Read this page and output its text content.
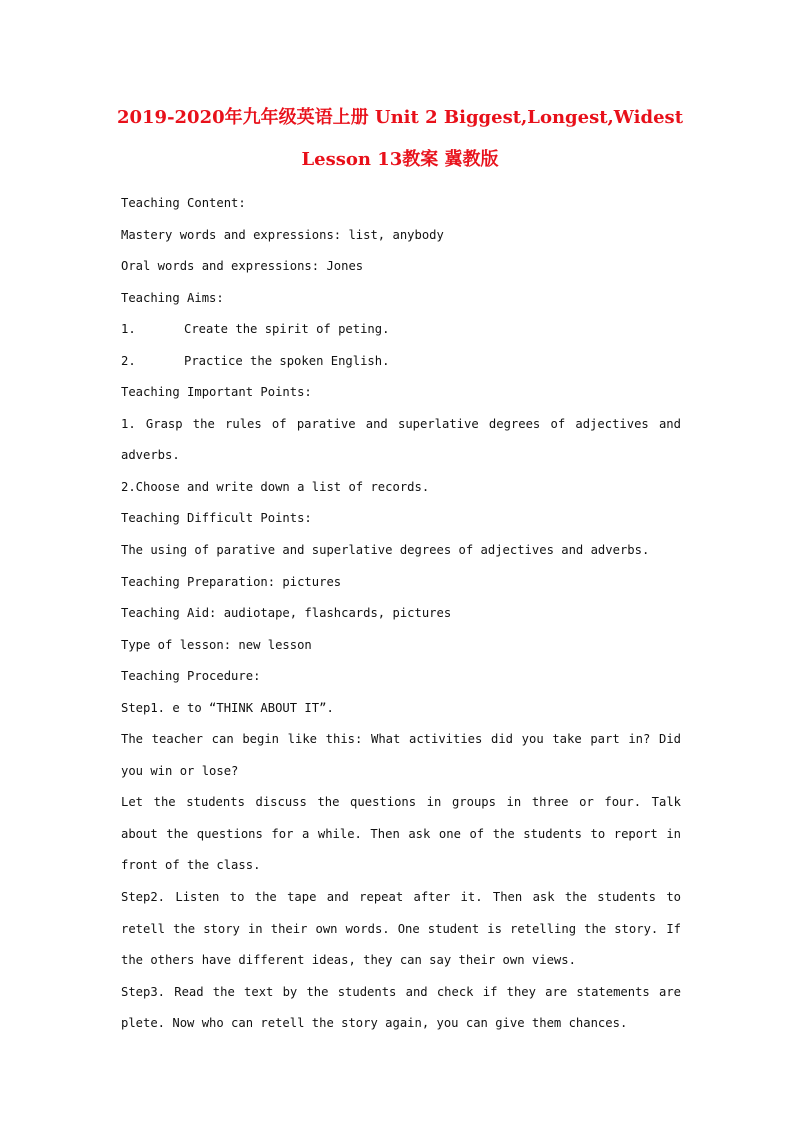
2019-2020年九年级英语上册 Unit 2 Biggest,Longest,Widest
Lesson 13教案 冀教版

Teaching Content:

Mastery words and expressions: list, anybody

Oral words and expressions: Jones

Teaching Aims:

1.	Create the spirit of peting.

2.	Practice the spoken English.

Teaching Important Points:

1. Grasp the rules of parative and superlative degrees of adjectives and adverbs.

2.Choose and write down a list of records.

Teaching Difficult Points:

The using of parative and superlative degrees of adjectives and adverbs.

Teaching Preparation: pictures

Teaching Aid: audiotape, flashcards, pictures

Type of lesson: new lesson

Teaching Procedure:

Step1. e to “THINK ABOUT IT”.

The teacher can begin like this: What activities did you take part in? Did you win or lose?

Let the students discuss the questions in groups in three or four. Talk about the questions for a while. Then ask one of the students to report in front of the class.

Step2. Listen to the tape and repeat after it. Then ask the students to retell the story in their own words. One student is retelling the story. If the others have different ideas, they can say their own views.

Step3. Read the text by the students and check if they are statements are plete. Now who can retell the story again, you can give them chances.
